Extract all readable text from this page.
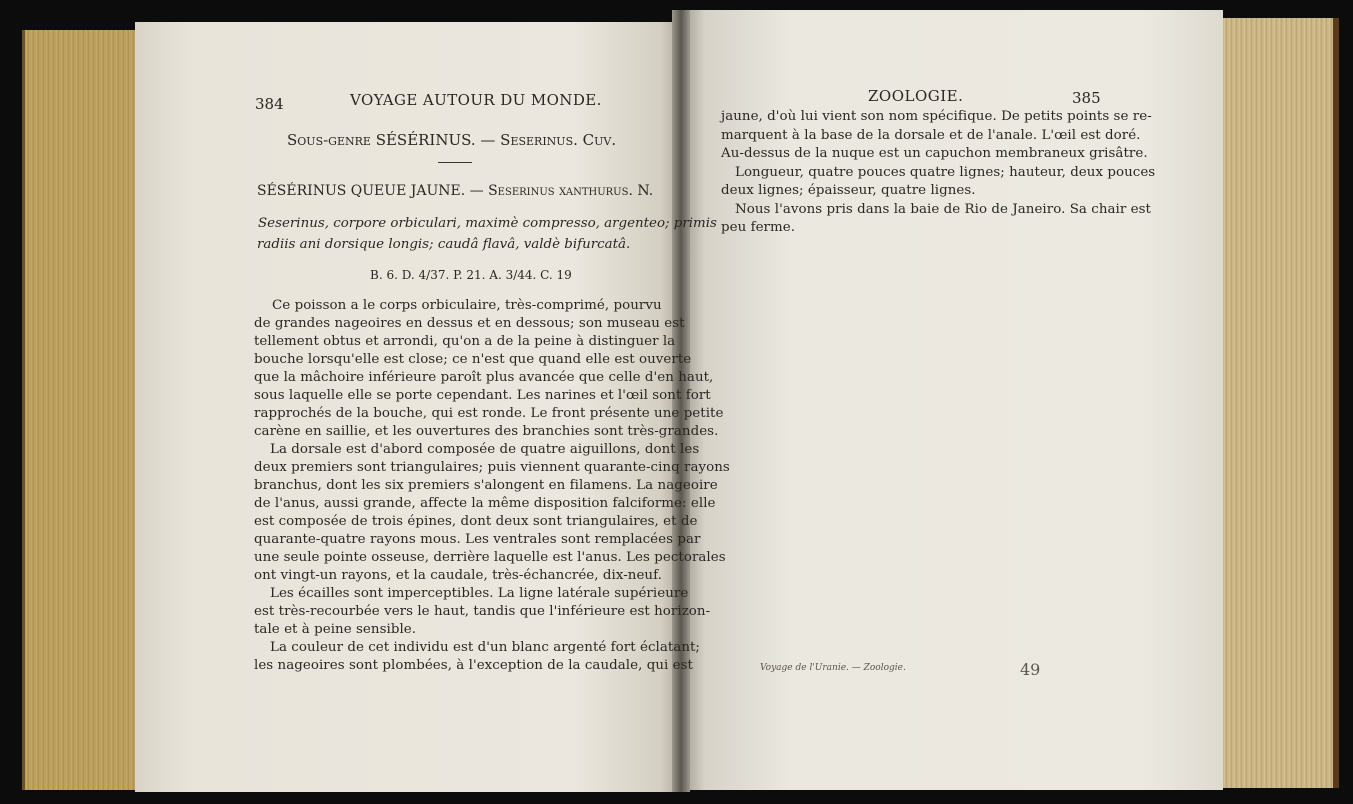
384	VOYAGE AUTOUR DU MONDE.
Sous-genre SÉSÉRINUS. — Seserinus. Cuv.
SÉSÉRINUS QUEUE JAUNE. — Seserinus xanthurus. N.
Seserinus, corpore orbiculari, maximè compresso, argenteo; primis
radiis ani dorsique longis; caudâ flavâ, valdè bifurcatâ.
B. 6. D. 4/37. P. 21. A. 3/44. C. 19
Ce poisson a le corps orbiculaire, très-comprimé, pourvu
de grandes nageoires en dessus et en dessous; son museau est
tellement obtus et arrondi, qu'on a de la peine à distinguer la
bouche lorsqu'elle est close; ce n'est que quand elle est ouverte
que la mâchoire inférieure paroît plus avancée que celle d'en haut,
sous laquelle elle se porte cependant. Les narines et l'œil sont fort
rapprochés de la bouche, qui est ronde. Le front présente une petite
carène en saillie, et les ouvertures des branchies sont très-grandes.
La dorsale est d'abord composée de quatre aiguillons, dont les
deux premiers sont triangulaires; puis viennent quarante-cinq rayons
branchus, dont les six premiers s'alongent en filamens. La nageoire
de l'anus, aussi grande, affecte la même disposition falciforme: elle
est composée de trois épines, dont deux sont triangulaires, et de
quarante-quatre rayons mous. Les ventrales sont remplacées par
une seule pointe osseuse, derrière laquelle est l'anus. Les pectorales
ont vingt-un rayons, et la caudale, très-échancrée, dix-neuf.
Les écailles sont imperceptibles. La ligne latérale supérieure
est très-recourbée vers le haut, tandis que l'inférieure est horizon-
tale et à peine sensible.
La couleur de cet individu est d'un blanc argenté fort éclatant;
les nageoires sont plombées, à l'exception de la caudale, qui est
ZOOLOGIE.	385
jaune, d'où lui vient son nom spécifique. De petits points se re-
marquent à la base de la dorsale et de l'anale. L'œil est doré.
Au-dessus de la nuque est un capuchon membraneux grisâtre.
Longueur, quatre pouces quatre lignes; hauteur, deux pouces
deux lignes; épaisseur, quatre lignes.
Nous l'avons pris dans la baie de Rio de Janeiro. Sa chair est
peu ferme.
Voyage de l'Uranie. — Zoologie.	49
